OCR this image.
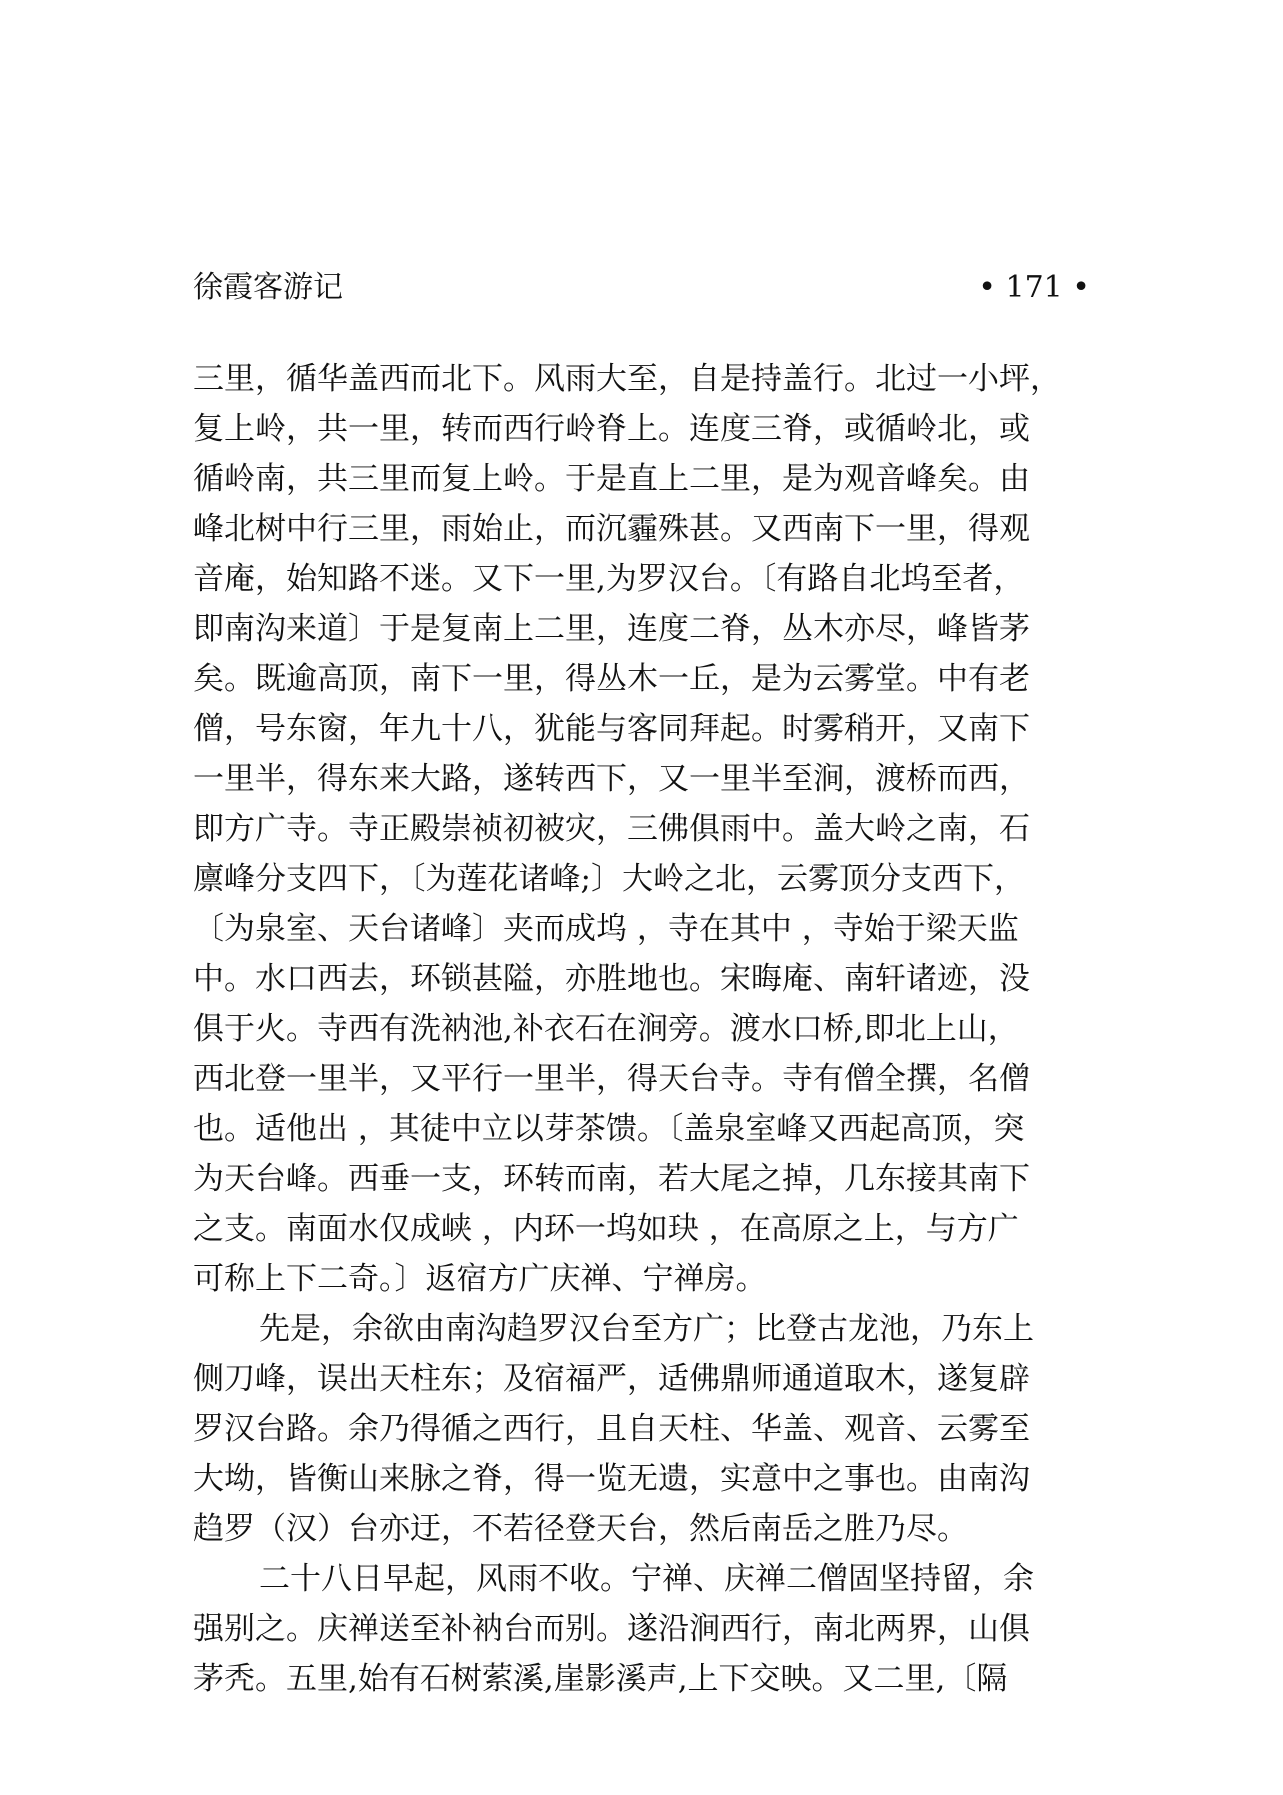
徐霞客游记	• 171 •
三里，循华盖西而北下。风雨大至，自是持盖行。北过一小坪，
复上岭，共一里，转而西行岭脊上。连度三脊，或循岭北，或
循岭南，共三里而复上岭。于是直上二里，是为观音峰矣。由
峰北树中行三里，雨始止，而沉霾殊甚。又西南下一里，得观
音庵，始知路不迷。又下一里,为罗汉台。〔有路自北坞至者，
即南沟来道〕于是复南上二里，连度二脊，丛木亦尽，峰皆茅
矣。既逾高顶，南下一里，得丛木一丘，是为云雾堂。中有老
僧，号东窗，年九十八，犹能与客同拜起。时雾稍开，又南下
一里半，得东来大路，遂转西下，又一里半至涧，渡桥而西，
即方广寺。寺正殿崇祯初被灾，三佛俱雨中。盖大岭之南，石
廪峰分支四下，〔为莲花诸峰;〕大岭之北，云雾顶分支西下，
〔为泉室、天台诸峰〕夹而成坞 ，寺在其中 ，寺始于梁天监
中。水口西去，环锁甚隘，亦胜地也。宋晦庵、南轩诸迹，没
俱于火。寺西有洗衲池,补衣石在涧旁。渡水口桥,即北上山，
西北登一里半，又平行一里半，得天台寺。寺有僧全撰，名僧
也。适他出 ，其徒中立以芽茶馈。〔盖泉室峰又西起高顶，突
为天台峰。西垂一支，环转而南，若大尾之掉，几东接其南下
之支。南面水仅成峡 ，内环一坞如玦 ，在高原之上，与方广
可称上下二奇。〕返宿方广庆禅、宁禅房。
先是，余欲由南沟趋罗汉台至方广；比登古龙池，乃东上
侧刀峰，误出天柱东；及宿福严，适佛鼎师通道取木，遂复辟
罗汉台路。余乃得循之西行，且自天柱、华盖、观音、云雾至
大坳，皆衡山来脉之脊，得一览无遗，实意中之事也。由南沟
趋罗（汉）台亦迂，不若径登天台，然后南岳之胜乃尽。
二十八日早起，风雨不收。宁禅、庆禅二僧固坚持留，余
强别之。庆禅送至补衲台而别。遂沿涧西行，南北两界，山俱
茅秃。五里,始有石树萦溪,崖影溪声,上下交映。又二里,〔隔
